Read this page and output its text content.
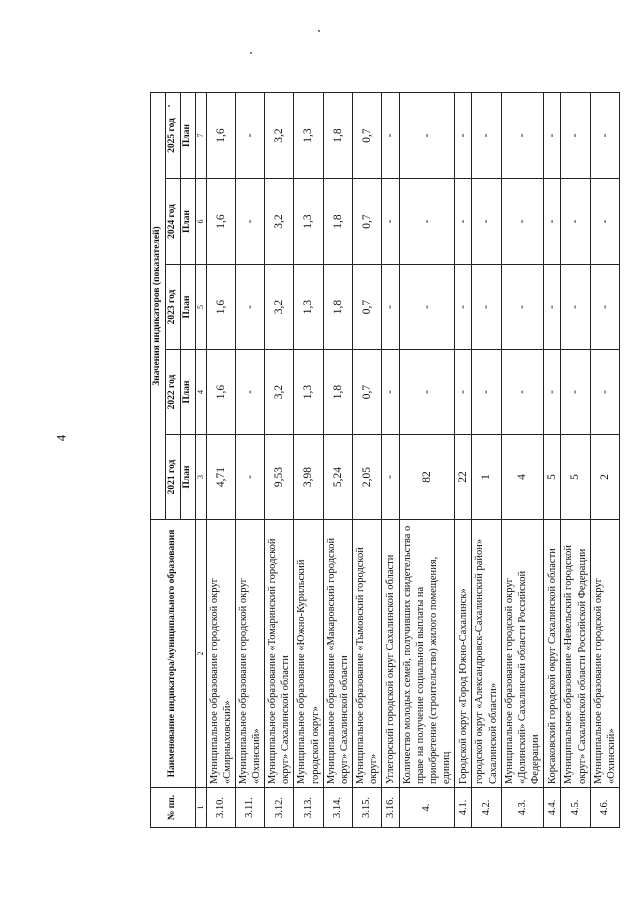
4
№ пп.	Наименование индикатора/муниципального образования	Значения индикаторов (показателей)				
		2021 год	2022 год	2023 год	2024 год	2025 год
		План	План	План	План	План
1	2	3	4	5	6	7
3.10.	Муниципальное образование городской округ «Смирныховский»	4,71	1,6	1,6	1,6	1,6
3.11.	Муниципальное образование городской округ «Охинский»	-	-	-	-	-
3.12.	Муниципальное образование «Томаринский городской округ» Сахалинской области	9,53	3,2	3,2	3,2	3,2
3.13.	Муниципальное образование «Южно-Курильский городской округ»	3,98	1,3	1,3	1,3	1,3
3.14.	Муниципальное образование «Макаровский городской округ» Сахалинской области	5,24	1,8	1,8	1,8	1,8
3.15.	Муниципальное образование «Тымовский городской округ»	2,05	0,7	0,7	0,7	0,7
3.16.	Углегорский городской округ Сахалинской области	-	-	-	-	-
4.	Количество молодых семей, получивших свидетельства о праве на получение социальной выплаты на приобретение (строительство) жилого помещения, единиц	82	-	-	-	-
4.1.	Городской округ «Город Южно-Сахалинск»	22	-	-	-	-
4.2.	городской округ «Александровск-Сахалинский район» Сахалинской области»	1	-	-	-	-
4.3.	Муниципальное образование городской округ «Долинский» Сахалинской области Российской Федерации	4	-	-	-	-
4.4.	Корсаковский городской округ Сахалинской области	5	-	-	-	-
4.5.	Муниципальное образование «Невельский городской округ» Сахалинской области Российской Федерации	5	-	-	-	-
4.6.	Муниципальное образование городской округ «Охинский»	2	-	-	-	-
